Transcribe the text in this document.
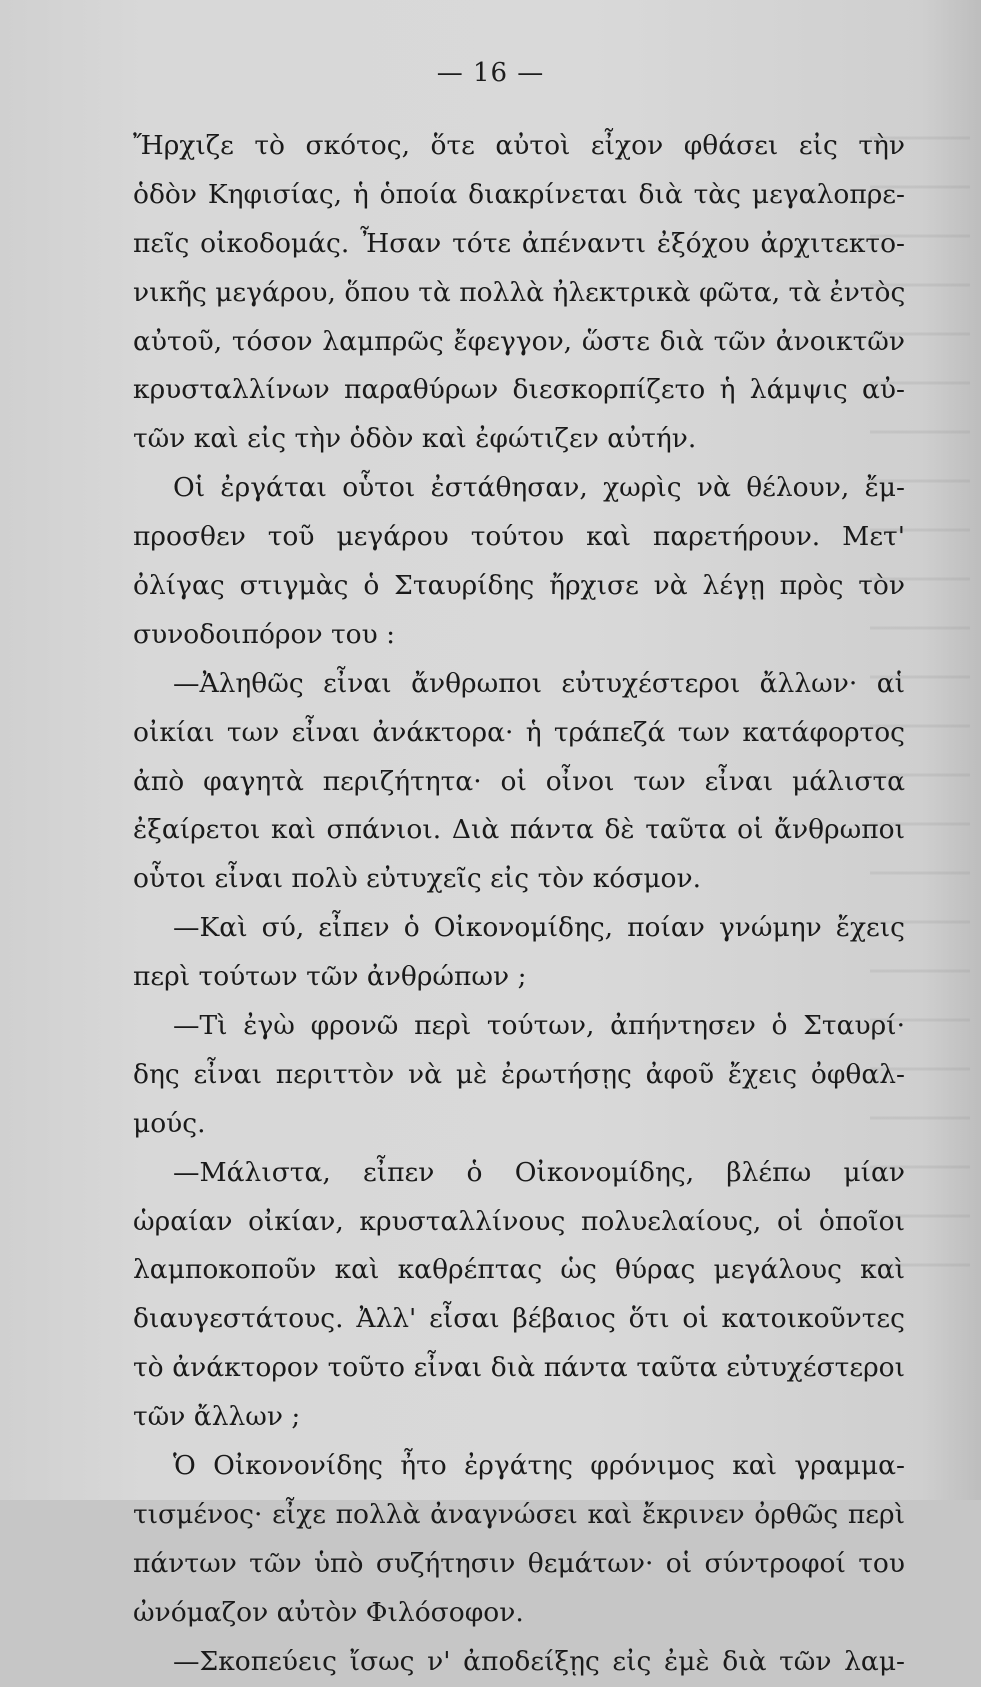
— 16 —
Ἤρχιζε τὸ σκότος, ὅτε αὐτοὶ εἶχον φθάσει εἰς τὴν
ὁδὸν Κηφισίας, ἡ ὁποία διακρίνεται διὰ τὰς μεγαλοπρε-
πεῖς οἰκοδομάς. Ἦσαν τότε ἀπέναντι ἐξόχου ἀρχιτεκτο-
νικῆς μεγάρου, ὅπου τὰ πολλὰ ἠλεκτρικὰ φῶτα, τὰ ἐντὸς
αὐτοῦ, τόσον λαμπρῶς ἔφεγγον, ὥστε διὰ τῶν ἀνοικτῶν
κρυσταλλίνων παραθύρων διεσκορπίζετο ἡ λάμψις αὐ-
τῶν καὶ εἰς τὴν ὁδὸν καὶ ἐφώτιζεν αὐτήν.
Οἱ ἐργάται οὗτοι ἐστάθησαν, χωρὶς νὰ θέλουν, ἔμ-
προσθεν τοῦ μεγάρου τούτου καὶ παρετήρουν. Μετ'
ὀλίγας στιγμὰς ὁ Σταυρίδης ἤρχισε νὰ λέγῃ πρὸς τὸν
συνοδοιπόρον του :
—Ἀληθῶς εἶναι ἄνθρωποι εὐτυχέστεροι ἄλλων· αἱ
οἰκίαι των εἶναι ἀνάκτορα· ἡ τράπεζά των κατάφορτος
ἀπὸ φαγητὰ περιζήτητα· οἱ οἶνοι των εἶναι μάλιστα
ἐξαίρετοι καὶ σπάνιοι. Διὰ πάντα δὲ ταῦτα οἱ ἄνθρωποι
οὗτοι εἶναι πολὺ εὐτυχεῖς εἰς τὸν κόσμον.
—Καὶ σύ, εἶπεν ὁ Οἰκονομίδης, ποίαν γνώμην ἔχεις
περὶ τούτων τῶν ἀνθρώπων ;
—Τὶ ἐγὼ φρονῶ περὶ τούτων, ἀπήντησεν ὁ Σταυρί·
δης εἶναι περιττὸν νὰ μὲ ἐρωτήσῃς ἀφοῦ ἔχεις ὀφθαλ-
μούς.
—Μάλιστα, εἶπεν ὁ Οἰκονομίδης, βλέπω μίαν
ὡραίαν οἰκίαν, κρυσταλλίνους πολυελαίους, οἱ ὁποῖοι
λαμποκοποῦν καὶ καθρέπτας ὡς θύρας μεγάλους καὶ
διαυγεστάτους. Ἀλλ' εἶσαι βέβαιος ὅτι οἱ κατοικοῦντες
τὸ ἀνάκτορον τοῦτο εἶναι διὰ πάντα ταῦτα εὐτυχέστεροι
τῶν ἄλλων ;
Ὁ Οἰκονονίδης ἦτο ἐργάτης φρόνιμος καὶ γραμμα-
τισμένος· εἶχε πολλὰ ἀναγνώσει καὶ ἔκρινεν ὀρθῶς περὶ
πάντων τῶν ὑπὸ συζήτησιν θεμάτων· οἱ σύντροφοί του
ὠνόμαζον αὐτὸν Φιλόσοφον.
—Σκοπεύεις ἴσως ν' ἀποδείξῃς εἰς ἐμὲ διὰ τῶν λαμ-
